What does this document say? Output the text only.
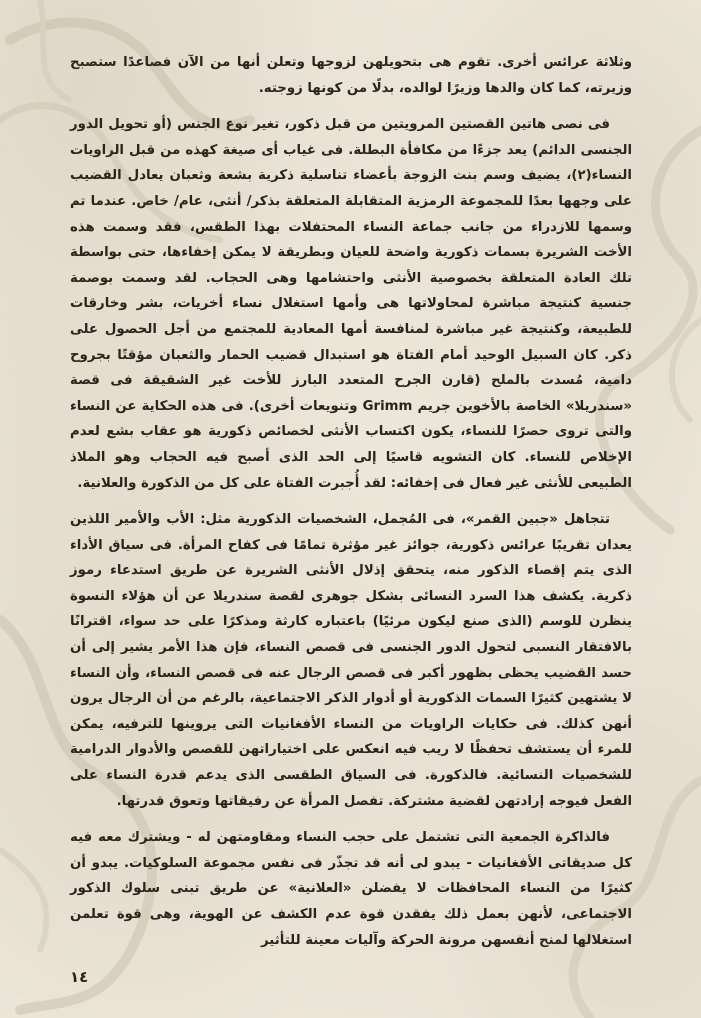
وثلاثة عرائس أخرى. تقوم هى بتحويلهن لزوجها وتعلن أنها من الآن فصاعدًا ستصبح وزيرته، كما كان والدها وزيرًا لوالده، بدلًا من كونها زوجته.

فى نصى هاتين القصتين المرويتين من قبل ذكور، تغير نوع الجنس (أو تحويل الدور الجنسى الدائم) يعد جزءًا من مكافأة البطلة. فى غياب أى صيغة كهذه من قبل الراويات النساء(٢)، يضيف وسم بنت الزوجة بأعضاء تناسلية ذكرية بشعة وثعبان يعادل القضيب على وجهها بعدًا للمجموعة الرمزية المتقابلة المتعلقة بذكر/ أنثى، عام/ خاص. عندما تم وسمها للازدراء من جانب جماعة النساء المحتفلات بهذا الطقس، فقد وسمت هذه الأخت الشريرة بسمات ذكورية واضحة للعيان وبطريقة لا يمكن إخفاءها، حتى بواسطة تلك العادة المتعلقة بخصوصية الأنثى واحتشامها وهى الحجاب. لقد وسمت بوصمة جنسية كنتيجة مباشرة لمحاولاتها هى وأمها استغلال نساء أخريات، بشر وخارقات للطبيعة، وكنتيجة غير مباشرة لمنافسة أمها المعادية للمجتمع من أجل الحصول على ذكر. كان السبيل الوحيد أمام الفتاة هو استبدال قضيب الحمار والثعبان مؤقتًا بجروح دامية، مُسدت بالملح (قارن الجرح المتعدد البارز للأخت غير الشقيقة فى قصة «سندريلا» الخاصة بالأخوين جريم Grimm وتنويعات أخرى). فى هذه الحكاية عن النساء والتى تروى حصرًا للنساء، يكون اكتساب الأنثى لخصائص ذكورية هو عقاب بشع لعدم الإخلاص للنساء. كان التشويه قاسيًا إلى الحد الذى أصبح فيه الحجاب وهو الملاذ الطبيعى للأنثى غير فعال فى إخفائه: لقد أُجبرت الفتاة على كل من الذكورة والعلانية.

تتجاهل «جبين القمر»، فى المُجمل، الشخصيات الذكورية مثل: الأب والأمير اللذين يعدان تقريبًا عرائس ذكورية، جوائز غير مؤثرة تمامًا فى كفاح المرأة. فى سياق الأداء الذى يتم إقصاء الذكور منه، يتحقق إذلال الأنثى الشريرة عن طريق استدعاء رموز ذكرية. يكشف هذا السرد النسائى بشكل جوهرى لقصة سندريلا عن أن هؤلاء النسوة ينظرن للوسم (الذى صنع ليكون مرئيًا) باعتباره كارثة ومذكرًا على حد سواء، اقترانًا بالافتقار النسبى لتحول الدور الجنسى فى قصص النساء، فإن هذا الأمر يشير إلى أن حسد القضيب يحظى بظهور أكبر فى قصص الرجال عنه فى قصص النساء، وأن النساء لا يشتهين كثيرًا السمات الذكورية أو أدوار الذكر الاجتماعية، بالرغم من أن الرجال يرون أنهن كذلك. فى حكايات الراويات من النساء الأفغانيات التى يروينها للترفيه، يمكن للمرء أن يستشف تحفظًا لا ريب فيه انعكس على اختياراتهن للقصص والأدوار الدرامية للشخصيات النسائية. فالذكورة. فى السياق الطقسى الذى يدعم قدرة النساء على الفعل فيوجه إرادتهن لقضية مشتركة. تفصل المرأة عن رفيقاتها وتعوق قدرتها.

فالذاكرة الجمعية التى تشتمل على حجب النساء ومقاومتهن له - ويشترك معه فيه كل صديقاتى الأفغانيات - يبدو لى أنه قد تجذّر فى نفس مجموعة السلوكيات. يبدو أن كثيرًا من النساء المحافظات لا يفضلن «العلانية» عن طريق تبنى سلوك الذكور الاجتماعى، لأنهن بعمل ذلك يفقدن قوة عدم الكشف عن الهوية، وهى قوة تعلمن استغلالها لمنح أنفسهن مرونة الحركة وآليات معينة للتأثير

١٤
